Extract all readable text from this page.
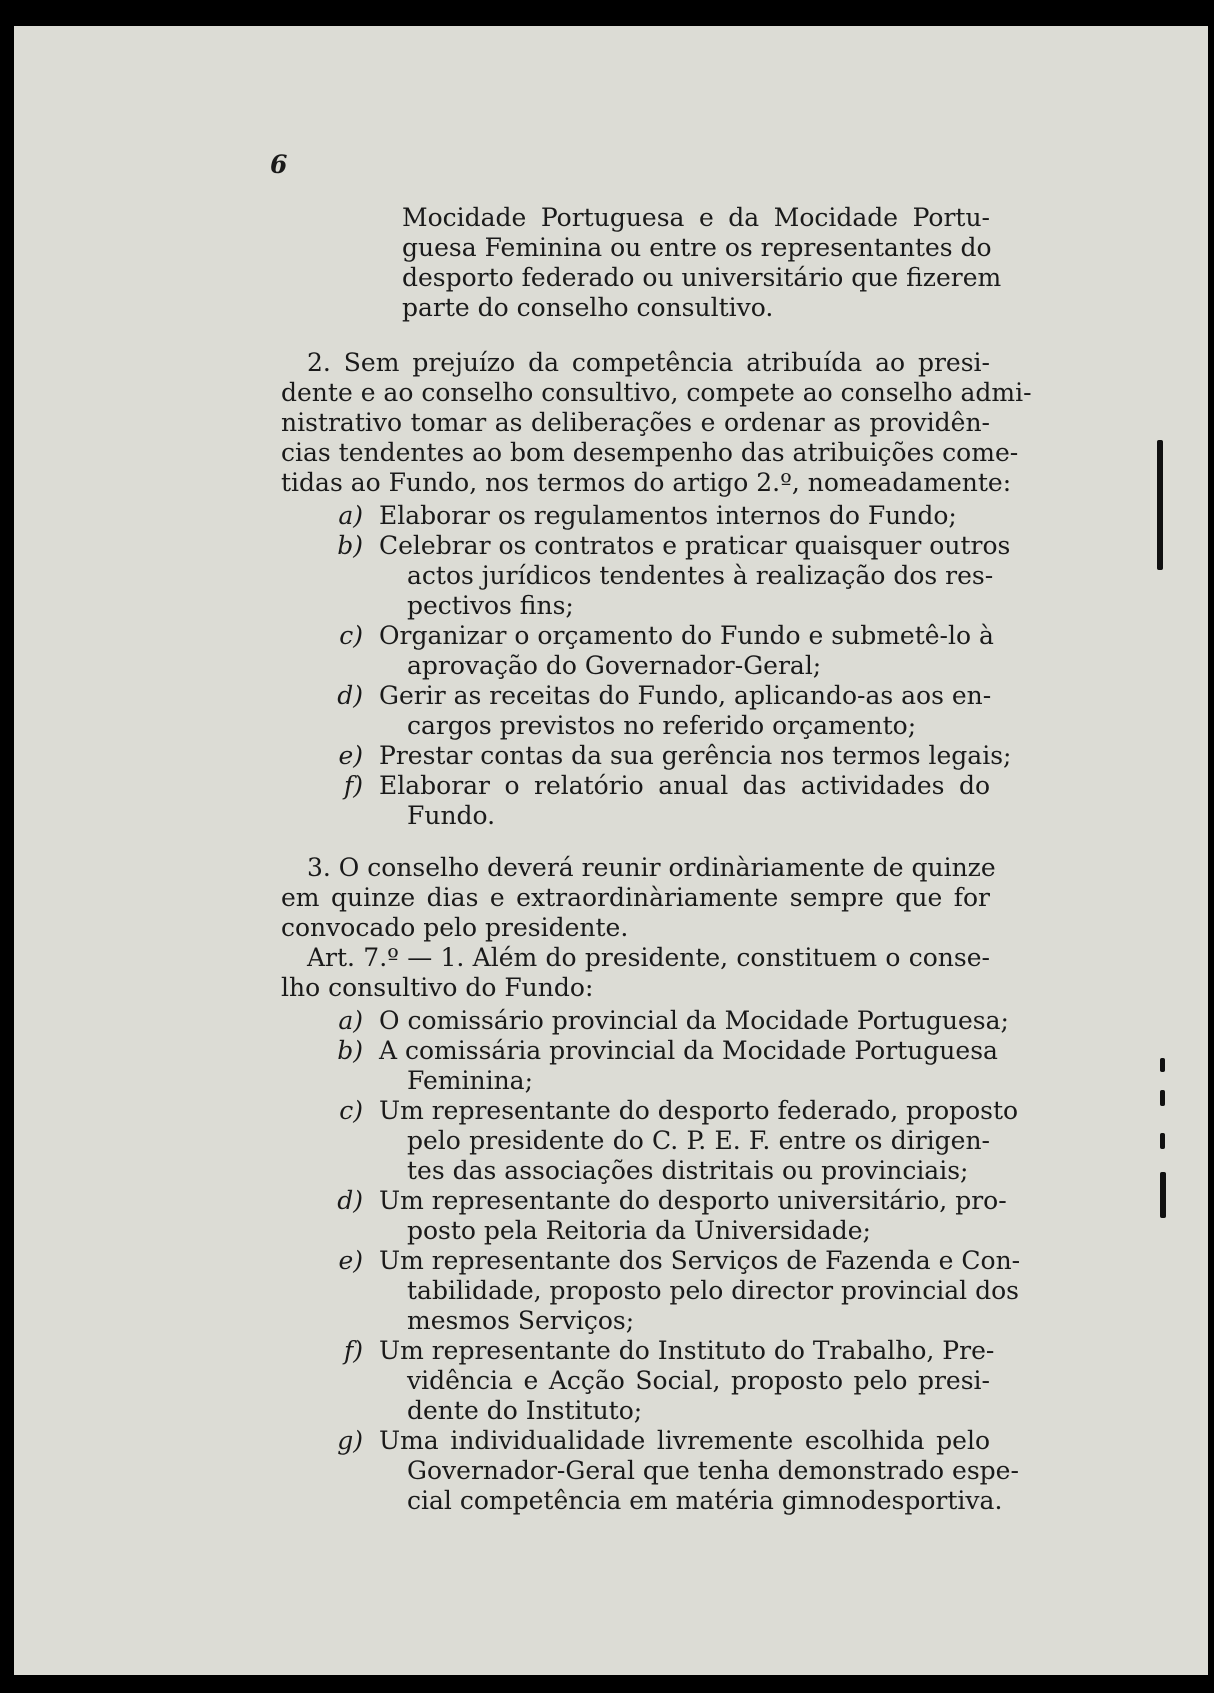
6
Mocidade Portuguesa e da Mocidade Portu-
guesa Feminina ou entre os representantes do
desporto federado ou universitário que fizerem
parte do conselho consultivo.
2. Sem prejuízo da competência atribuída ao presi-
dente e ao conselho consultivo, compete ao conselho admi-
nistrativo tomar as deliberações e ordenar as providên-
cias tendentes ao bom desempenho das atribuições come-
tidas ao Fundo, nos termos do artigo 2.º, nomeadamente:
a) Elaborar os regulamentos internos do Fundo;
b) Celebrar os contratos e praticar quaisquer outros
actos jurídicos tendentes à realização dos res-
pectivos fins;
c) Organizar o orçamento do Fundo e submetê-lo à
aprovação do Governador-Geral;
d) Gerir as receitas do Fundo, aplicando-as aos en-
cargos previstos no referido orçamento;
e) Prestar contas da sua gerência nos termos legais;
f) Elaborar o relatório anual das actividades do
Fundo.
3. O conselho deverá reunir ordinàriamente de quinze
em quinze dias e extraordinàriamente sempre que for
convocado pelo presidente.
Art. 7.º — 1. Além do presidente, constituem o conse-
lho consultivo do Fundo:
a) O comissário provincial da Mocidade Portuguesa;
b) A comissária provincial da Mocidade Portuguesa
Feminina;
c) Um representante do desporto federado, proposto
pelo presidente do C. P. E. F. entre os dirigen-
tes das associações distritais ou provinciais;
d) Um representante do desporto universitário, pro-
posto pela Reitoria da Universidade;
e) Um representante dos Serviços de Fazenda e Con-
tabilidade, proposto pelo director provincial dos
mesmos Serviços;
f) Um representante do Instituto do Trabalho, Pre-
vidência e Acção Social, proposto pelo presi-
dente do Instituto;
g) Uma individualidade livremente escolhida pelo
Governador-Geral que tenha demonstrado espe-
cial competência em matéria gimnodesportiva.
